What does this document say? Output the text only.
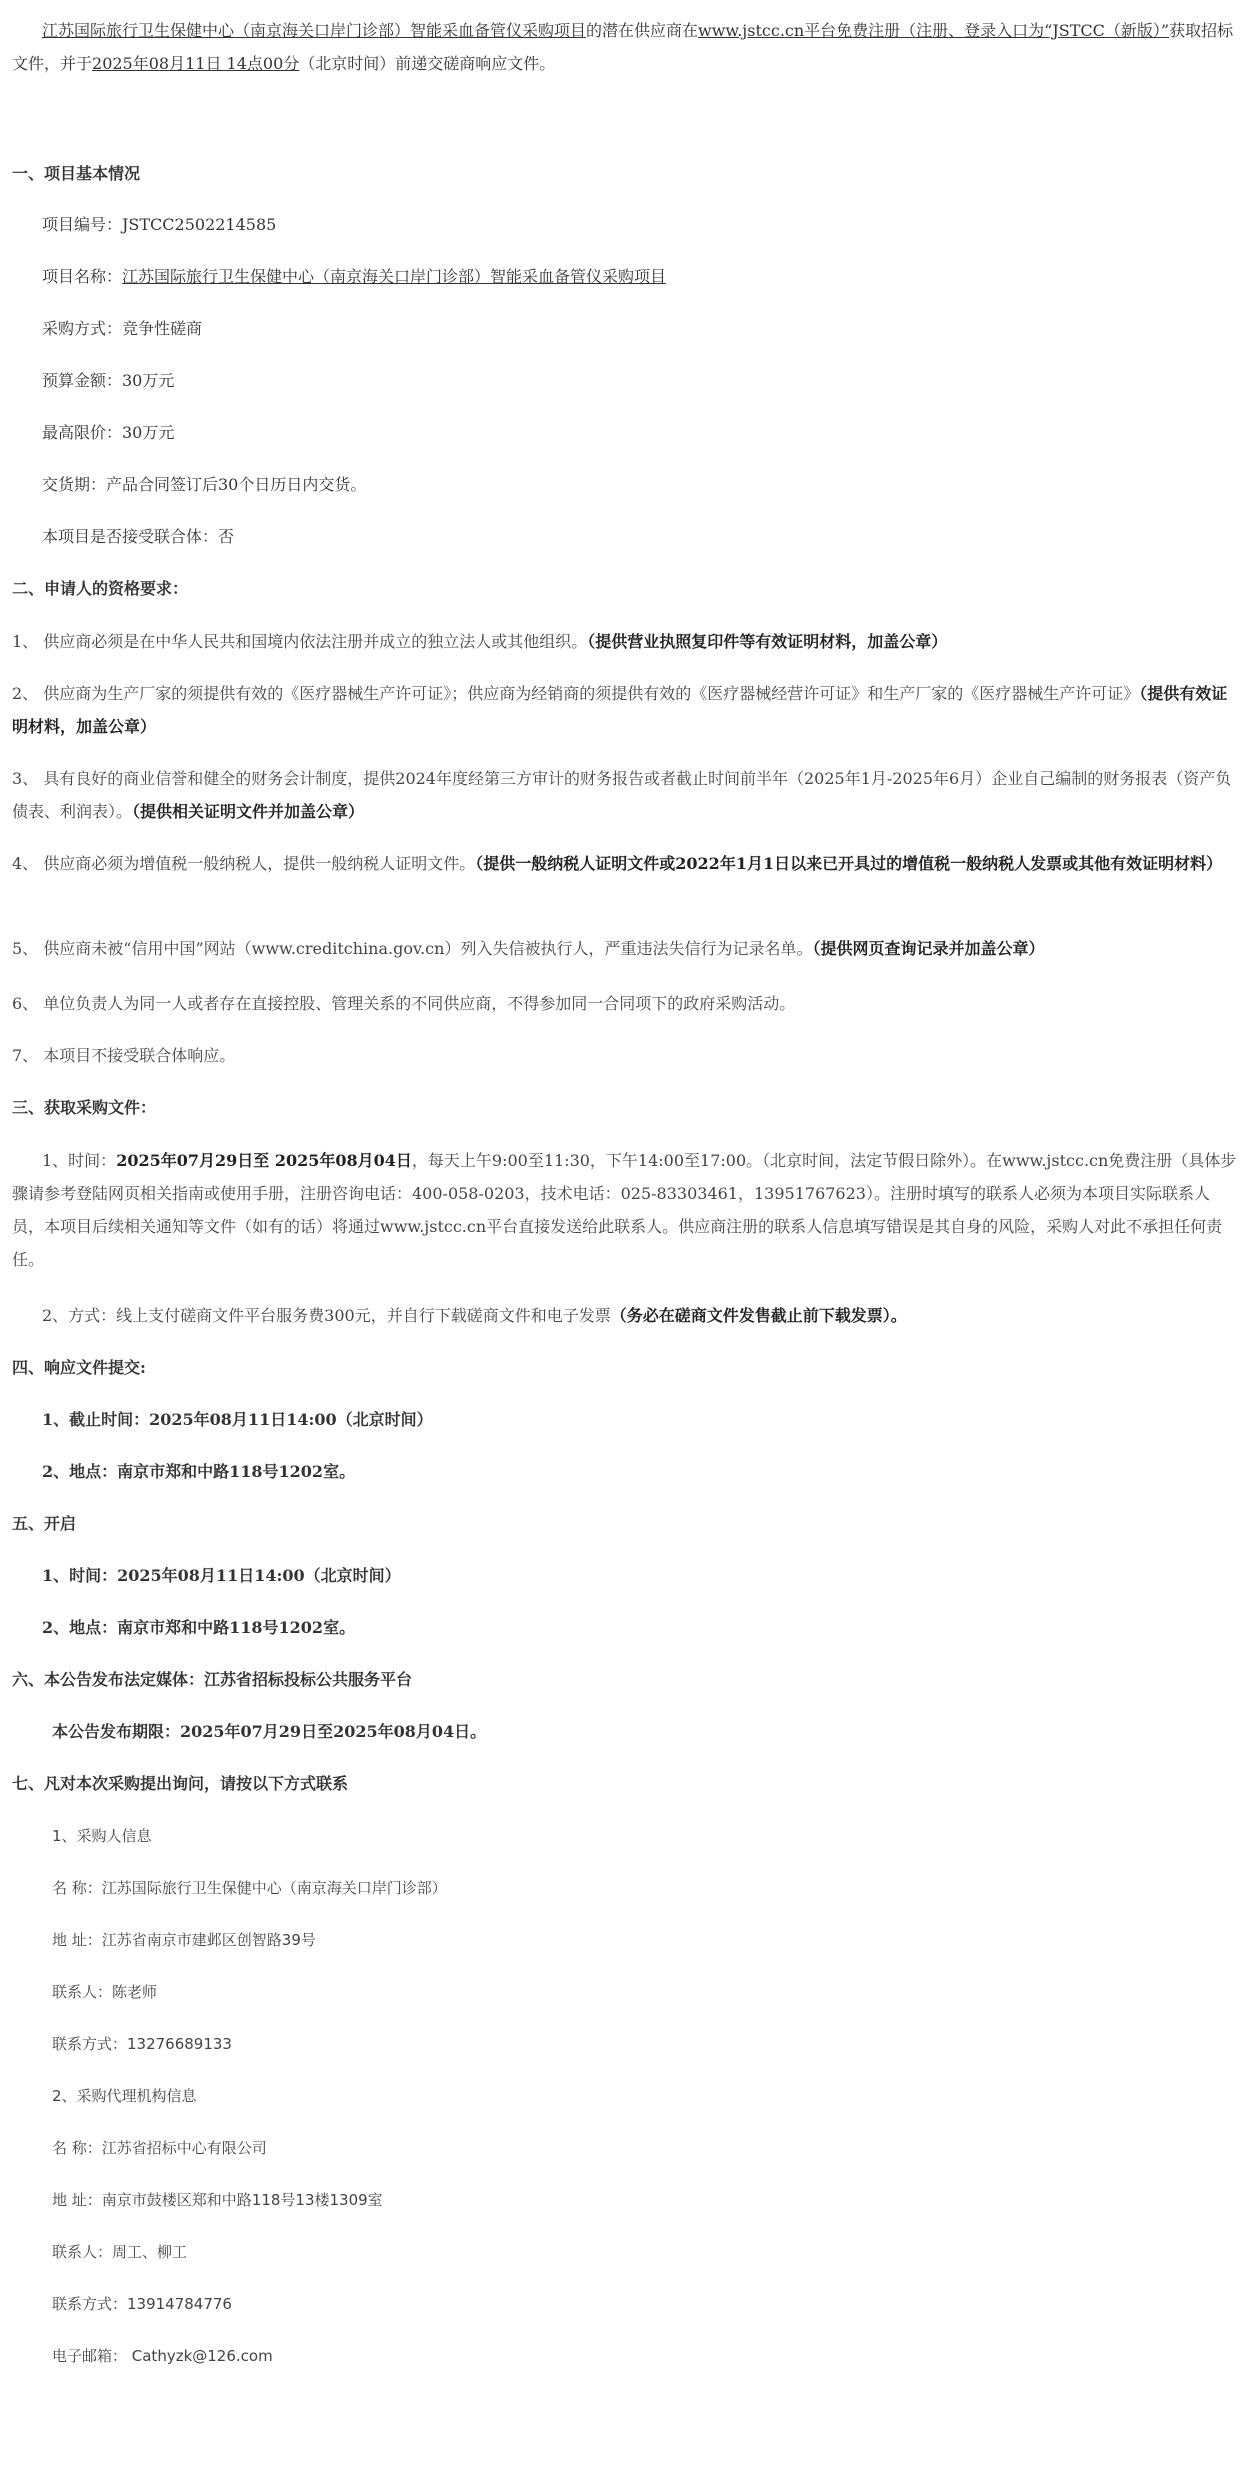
江苏国际旅行卫生保健中心（南京海关口岸门诊部）智能采血备管仪采购项目的潜在供应商在www.jstcc.cn平台免费注册（注册、登录入口为“JSTCC（新版）”获取招标文件，并于2025年08月11日 14点00分（北京时间）前递交磋商响应文件。
一、项目基本情况
项目编号：JSTCC2502214585
项目名称：江苏国际旅行卫生保健中心（南京海关口岸门诊部）智能采血备管仪采购项目
采购方式：竞争性磋商
预算金额：30万元
最高限价：30万元
交货期：产品合同签订后30个日历日内交货。
本项目是否接受联合体：否
二、申请人的资格要求：
1、 供应商必须是在中华人民共和国境内依法注册并成立的独立法人或其他组织。（提供营业执照复印件等有效证明材料，加盖公章）
2、 供应商为生产厂家的须提供有效的《医疗器械生产许可证》；供应商为经销商的须提供有效的《医疗器械经营许可证》和生产厂家的《医疗器械生产许可证》（提供有效证明材料，加盖公章）
3、 具有良好的商业信誉和健全的财务会计制度，提供2024年度经第三方审计的财务报告或者截止时间前半年（2025年1月-2025年6月）企业自己编制的财务报表（资产负债表、利润表）。（提供相关证明文件并加盖公章）
4、 供应商必须为增值税一般纳税人，提供一般纳税人证明文件。（提供一般纳税人证明文件或2022年1月1日以来已开具过的增值税一般纳税人发票或其他有效证明材料）
5、 供应商未被“信用中国”网站（www.creditchina.gov.cn）列入失信被执行人，严重违法失信行为记录名单。（提供网页查询记录并加盖公章）
6、 单位负责人为同一人或者存在直接控股、管理关系的不同供应商，不得参加同一合同项下的政府采购活动。
7、 本项目不接受联合体响应。
三、获取采购文件：
1、时间：2025年07月29日至 2025年08月04日，每天上午9:00至11:30，下午14:00至17:00。（北京时间，法定节假日除外）。在www.jstcc.cn免费注册（具体步骤请参考登陆网页相关指南或使用手册，注册咨询电话：400-058-0203，技术电话：025-83303461，13951767623）。注册时填写的联系人必须为本项目实际联系人员，本项目后续相关通知等文件（如有的话）将通过www.jstcc.cn平台直接发送给此联系人。供应商注册的联系人信息填写错误是其自身的风险，采购人对此不承担任何责任。
2、方式：线上支付磋商文件平台服务费300元，并自行下载磋商文件和电子发票（务必在磋商文件发售截止前下载发票）。
四、响应文件提交:
1、截止时间：2025年08月11日14:00（北京时间）
2、地点：南京市郑和中路118号1202室。
五、开启
1、时间：2025年08月11日14:00（北京时间）
2、地点：南京市郑和中路118号1202室。
六、本公告发布法定媒体：江苏省招标投标公共服务平台
本公告发布期限：2025年07月29日至2025年08月04日。
七、凡对本次采购提出询问，请按以下方式联系
1、采购人信息
名 称：江苏国际旅行卫生保健中心（南京海关口岸门诊部）
地 址：江苏省南京市建邺区创智路39号
联系人：陈老师
联系方式：13276689133
2、采购代理机构信息
名 称：江苏省招标中心有限公司
地 址：南京市鼓楼区郑和中路118号13楼1309室
联系人：周工、柳工
联系方式：13914784776
电子邮箱： Cathyzk@126.com
